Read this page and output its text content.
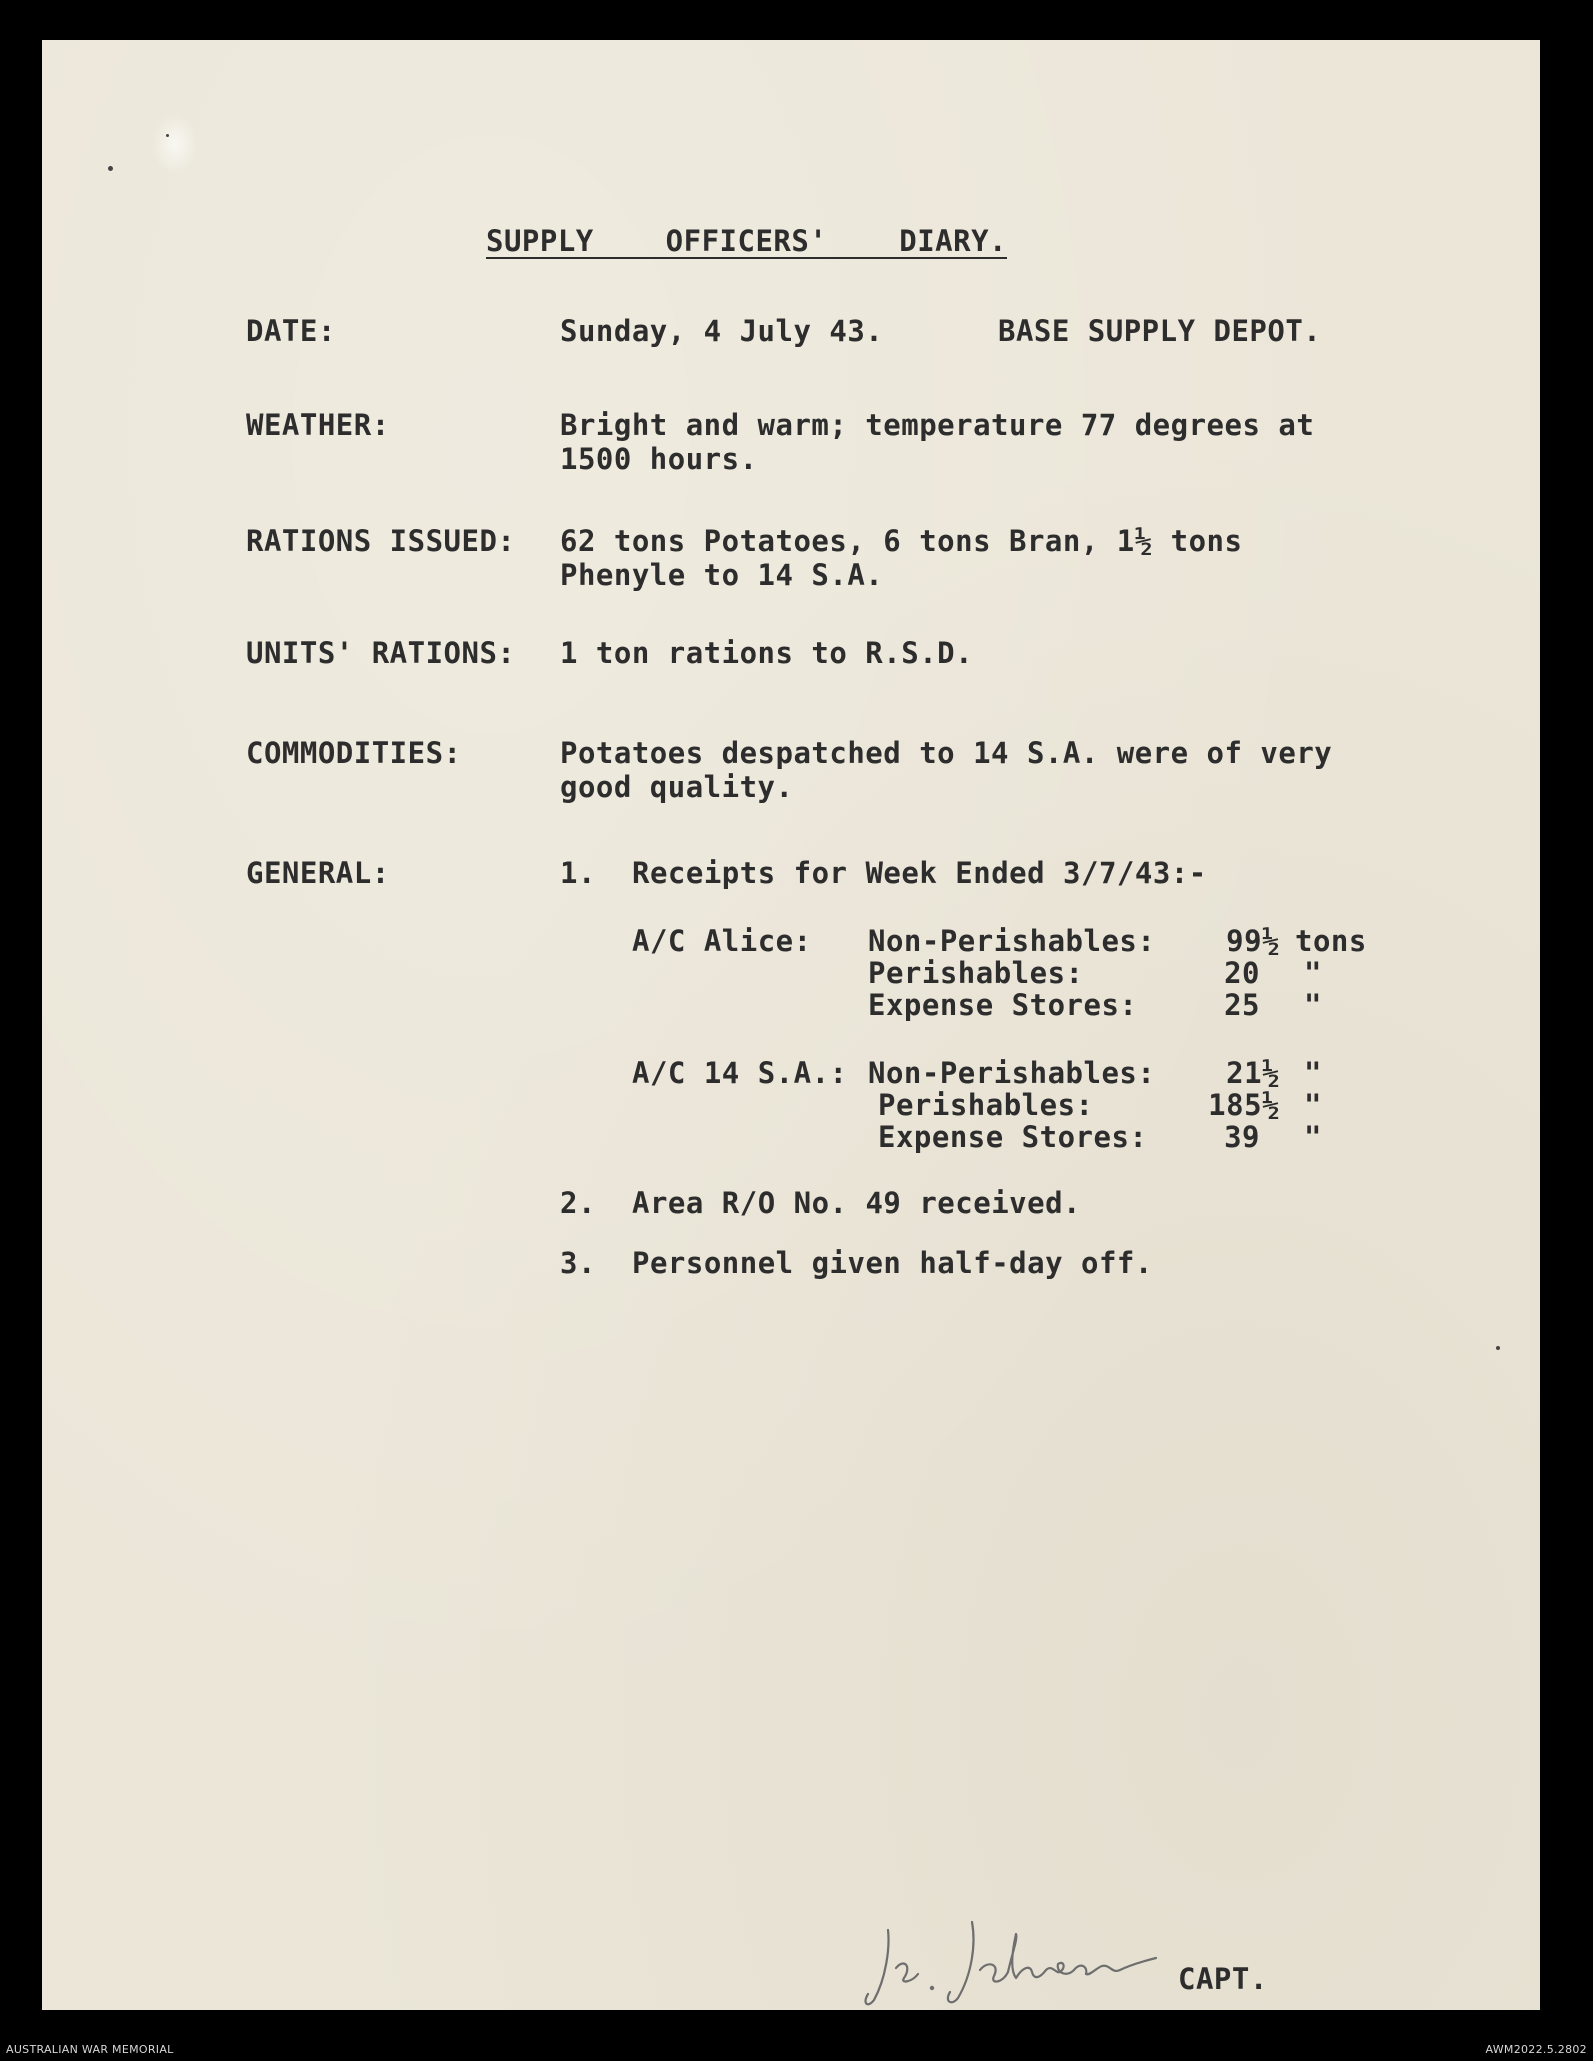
SUPPLY  OFFICERS'  DIARY.
DATE:	Sunday, 4 July 43.	BASE SUPPLY DEPOT.
WEATHER:	Bright and warm; temperature 77 degrees at 1500 hours.
RATIONS ISSUED: 62 tons Potatoes, 6 tons Bran, 1½ tons Phenyle to 14 S.A.
UNITS' RATIONS: 1 ton rations to R.S.D.
COMMODITIES:	Potatoes despatched to 14 S.A. were of very good quality.
GENERAL:	1. Receipts for Week Ended 3/7/43:-
A/C Alice: Non-Perishables:	99½ tons
Perishables:	20 "
Expense Stores:	25 "
A/C 14 S.A.: Non-Perishables:	21½ "
Perishables:	185½ "
Expense Stores:	39 "
2. Area R/O No. 49 received.
3. Personnel given half-day off.
CAPT.
AUSTRALIAN WAR MEMORIAL	AWM2022.5.2802
